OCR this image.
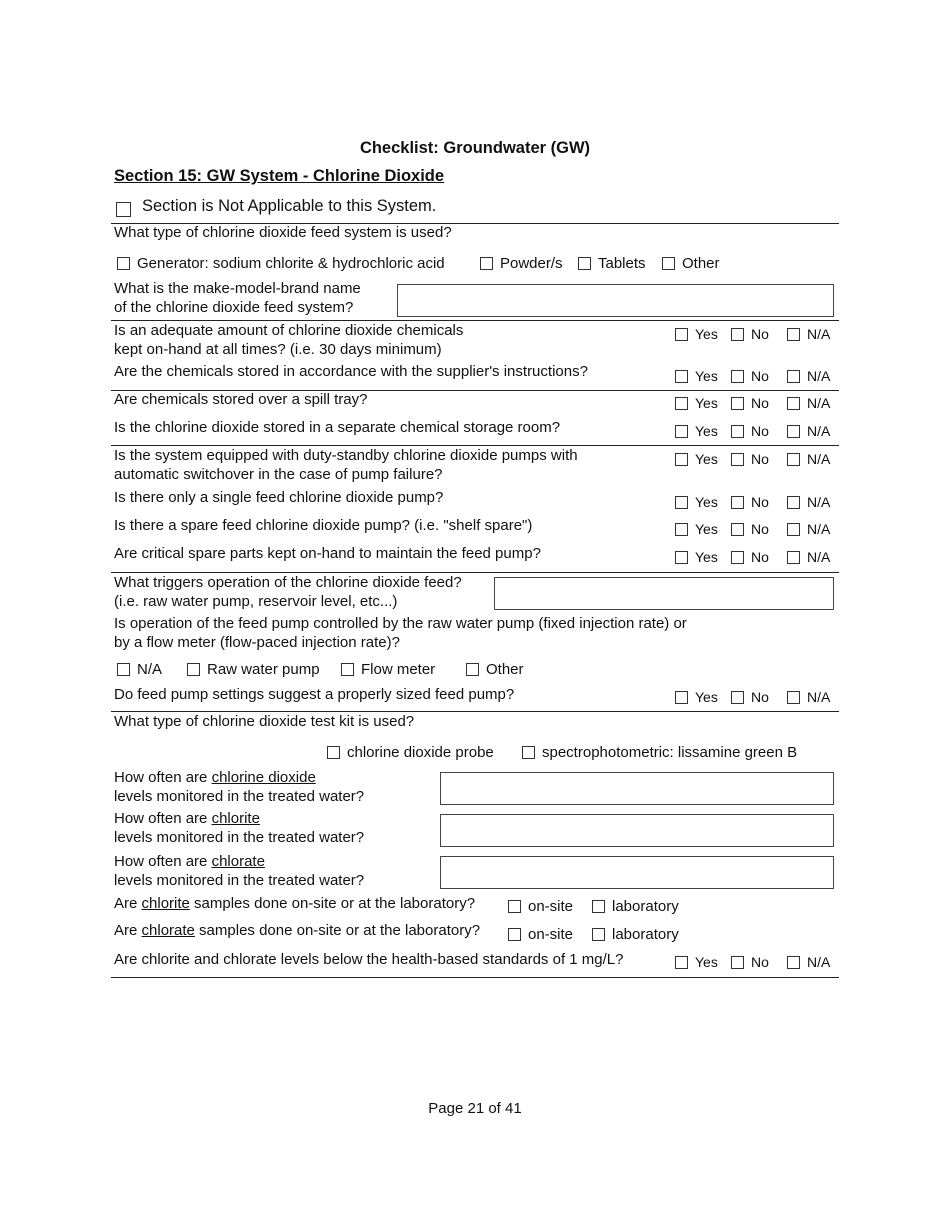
Checklist: Groundwater (GW)
Section 15: GW System - Chlorine Dioxide
Section is Not Applicable to this System.
What type of chlorine dioxide feed system is used?
Generator: sodium chlorite & hydrochloric acid	Powder/s Tablets Other
What is the make-model-brand name
of the chlorine dioxide feed system?
Is an adequate amount of chlorine dioxide chemicals
kept on-hand at all times? (i.e. 30 days minimum)
Yes No	N/A
Are the chemicals stored in accordance with the supplier's instructions?	Yes No	N/A
Are chemicals stored over a spill tray?	Yes No	N/A
Is the chlorine dioxide stored in a separate chemical storage room?	Yes No	N/A
Is the system equipped with duty-standby chlorine dioxide pumps with
automatic switchover in the case of pump failure?
Yes No	N/A
Is there only a single feed chlorine dioxide pump?	Yes No	N/A
Is there a spare feed chlorine dioxide pump? (i.e. "shelf spare")	Yes No	N/A
Are critical spare parts kept on-hand to maintain the feed pump?	Yes No	N/A
What triggers operation of the chlorine dioxide feed?
(i.e. raw water pump, reservoir level, etc...)
Is operation of the feed pump controlled by the raw water pump (fixed injection rate) or
by a flow meter (flow-paced injection rate)?
N/A	Raw water pump	Flow meter	Other
Do feed pump settings suggest a properly sized feed pump?	Yes No	N/A
What type of chlorine dioxide test kit is used?
chlorine dioxide probe	spectrophotometric: lissamine green B
How often are chlorine dioxide
levels monitored in the treated water?
How often are chlorite
levels monitored in the treated water?
How often are chlorate
levels monitored in the treated water?
Are chlorite samples done on-site or at the laboratory?	on-site	laboratory
Are chlorate samples done on-site or at the laboratory?	on-site	laboratory
Are chlorite and chlorate levels below the health-based standards of 1 mg/L?	Yes No	N/A
Page 21 of 41
